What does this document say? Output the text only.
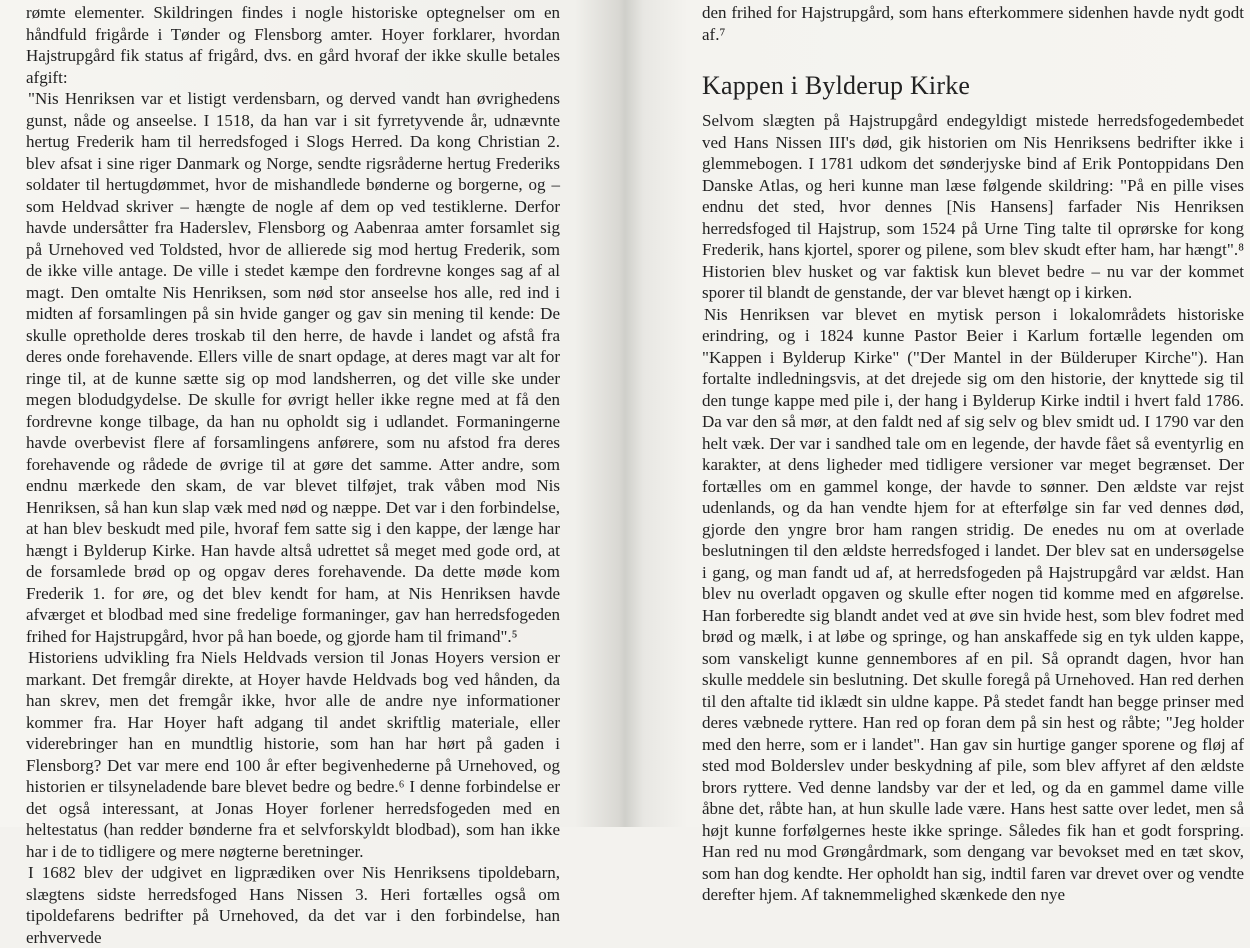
rømte elementer. Skildringen findes i nogle historiske optegnelser om en håndfuld frigårde i Tønder og Flensborg amter. Hoyer forklarer, hvordan Hajstrupgård fik status af frigård, dvs. en gård hvoraf der ikke skulle betales afgift:

"Nis Henriksen var et listigt verdensbarn, og derved vandt han øvrighedens gunst, nåde og anseelse. I 1518, da han var i sit fyrretyvende år, udnævnte hertug Frederik ham til herredsfoged i Slogs Herred. Da kong Christian 2. blev afsat i sine riger Danmark og Norge, sendte rigsråderne hertug Frederiks soldater til hertugdømmet, hvor de mishandlede bønderne og borgerne, og – som Heldvad skriver – hængte de nogle af dem op ved testiklerne. Derfor havde undersåtter fra Haderslev, Flensborg og Aabenraa amter forsamlet sig på Urnehoved ved Toldsted, hvor de allierede sig mod hertug Frederik, som de ikke ville antage. De ville i stedet kæmpe den fordrevne konges sag af al magt. Den omtalte Nis Henriksen, som nød stor anseelse hos alle, red ind i midten af forsamlingen på sin hvide ganger og gav sin mening til kende: De skulle opretholde deres troskab til den herre, de havde i landet og afstå fra deres onde forehavende. Ellers ville de snart opdage, at deres magt var alt for ringe til, at de kunne sætte sig op mod landsherren, og det ville ske under megen blodudgydelse. De skulle for øvrigt heller ikke regne med at få den fordrevne konge tilbage, da han nu opholdt sig i udlandet. Formaningerne havde overbevist flere af forsamlingens anførere, som nu afstod fra deres forehavende og rådede de øvrige til at gøre det samme. Atter andre, som endnu mærkede den skam, de var blevet tilføjet, trak våben mod Nis Henriksen, så han kun slap væk med nød og næppe. Det var i den forbindelse, at han blev beskudt med pile, hvoraf fem satte sig i den kappe, der længe har hængt i Bylderup Kirke. Han havde altså udrettet så meget med gode ord, at de forsamlede brød op og opgav deres forehavende. Da dette møde kom Frederik 1. for øre, og det blev kendt for ham, at Nis Henriksen havde afværget et blodbad med sine fredelige formaninger, gav han herredsfogeden frihed for Hajstrupgård, hvor på han boede, og gjorde ham til frimand".⁵

Historiens udvikling fra Niels Heldvads version til Jonas Hoyers version er markant. Det fremgår direkte, at Hoyer havde Heldvads bog ved hånden, da han skrev, men det fremgår ikke, hvor alle de andre nye informationer kommer fra. Har Hoyer haft adgang til andet skriftlig materiale, eller viderebringer han en mundtlig historie, som han har hørt på gaden i Flensborg? Det var mere end 100 år efter begivenhederne på Urnehoved, og historien er tilsyneladende bare blevet bedre og bedre.⁶ I denne forbindelse er det også interessant, at Jonas Hoyer forlener herredsfogeden med en heltestatus (han redder bønderne fra et selvforskyldt blodbad), som han ikke har i de to tidligere og mere nøgterne beretninger.

I 1682 blev der udgivet en ligprædiken over Nis Henriksens tipoldebarn, slægtens sidste herredsfoged Hans Nissen 3. Heri fortælles også om tipoldefarens bedrifter på Urnehoved, da det var i den forbindelse, han erhvervede

den frihed for Hajstrupgård, som hans efterkommere sidenhen havde nydt godt af.⁷

Kappen i Bylderup Kirke

Selvom slægten på Hajstrupgård endegyldigt mistede herredsfogedembedet ved Hans Nissen III's død, gik historien om Nis Henriksens bedrifter ikke i glemmebogen. I 1781 udkom det sønderjyske bind af Erik Pontoppidans Den Danske Atlas, og heri kunne man læse følgende skildring: "På en pille vises endnu det sted, hvor dennes [Nis Hansens] farfader Nis Henriksen herredsfoged til Hajstrup, som 1524 på Urne Ting talte til oprørske for kong Frederik, hans kjortel, sporer og pilene, som blev skudt efter ham, har hængt".⁸ Historien blev husket og var faktisk kun blevet bedre – nu var der kommet sporer til blandt de genstande, der var blevet hængt op i kirken.

Nis Henriksen var blevet en mytisk person i lokalområdets historiske erindring, og i 1824 kunne Pastor Beier i Karlum fortælle legenden om "Kappen i Bylderup Kirke" ("Der Mantel in der Bülderuper Kirche"). Han fortalte indledningsvis, at det drejede sig om den historie, der knyttede sig til den tunge kappe med pile i, der hang i Bylderup Kirke indtil i hvert fald 1786. Da var den så mør, at den faldt ned af sig selv og blev smidt ud. I 1790 var den helt væk. Der var i sandhed tale om en legende, der havde fået så eventyrlig en karakter, at dens ligheder med tidligere versioner var meget begrænset. Der fortælles om en gammel konge, der havde to sønner. Den ældste var rejst udenlands, og da han vendte hjem for at efterfølge sin far ved dennes død, gjorde den yngre bror ham rangen stridig. De enedes nu om at overlade beslutningen til den ældste herredsfoged i landet. Der blev sat en undersøgelse i gang, og man fandt ud af, at herredsfogeden på Hajstrupgård var ældst. Han blev nu overladt opgaven og skulle efter nogen tid komme med en afgørelse. Han forberedte sig blandt andet ved at øve sin hvide hest, som blev fodret med brød og mælk, i at løbe og springe, og han anskaffede sig en tyk ulden kappe, som vanskeligt kunne gennembores af en pil. Så oprandt dagen, hvor han skulle meddele sin beslutning. Det skulle foregå på Urnehoved. Han red derhen til den aftalte tid iklædt sin uldne kappe. På stedet fandt han begge prinser med deres væbnede ryttere. Han red op foran dem på sin hest og råbte; "Jeg holder med den herre, som er i landet". Han gav sin hurtige ganger sporene og fløj af sted mod Bolderslev under beskydning af pile, som blev affyret af den ældste brors ryttere. Ved denne landsby var der et led, og da en gammel dame ville åbne det, råbte han, at hun skulle lade være. Hans hest satte over ledet, men så højt kunne forfølgernes heste ikke springe. Således fik han et godt forspring. Han red nu mod Grøngårdmark, som dengang var bevokset med en tæt skov, som han dog kendte. Her opholdt han sig, indtil faren var drevet over og vendte derefter hjem. Af taknemmelighed skænkede den nye
